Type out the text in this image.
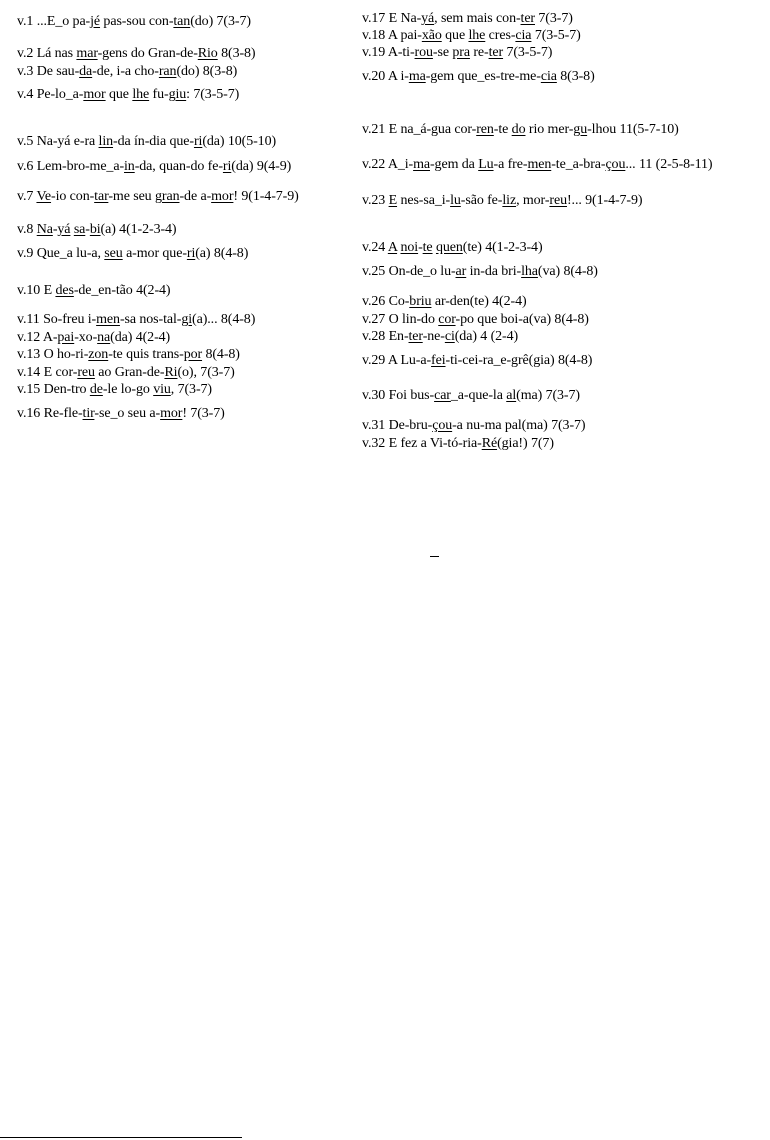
v.1 ...E_o pa-jé pas-sou con-tan(do) 7(3-7)
v.2 Lá nas mar-gens do Gran-de-Rio 8(3-8)
v.3 De sau-da-de, i-a cho-ran(do) 8(3-8)
v.4 Pe-lo_a-mor que lhe fu-giu: 7(3-5-7)
v.5 Na-yá e-ra lin-da ín-dia que-ri(da) 10(5-10)
v.6 Lem-bro-me_a-in-da, quan-do fe-ri(da) 9(4-9)
v.7 Ve-io con-tar-me seu gran-de a-mor! 9(1-4-7-9)
v.8 Na-yá sa-bi(a) 4(1-2-3-4)
v.9 Que_a lu-a, seu a-mor que-ri(a) 8(4-8)
v.10 E des-de_en-tão 4(2-4)
v.11 So-freu i-men-sa nos-tal-gi(a)... 8(4-8)
v.12 A-pai-xo-na(da) 4(2-4)
v.13 O ho-ri-zon-te quis trans-por 8(4-8)
v.14 E cor-reu ao Gran-de-Ri(o), 7(3-7)
v.15 Den-tro de-le lo-go viu, 7(3-7)
v.16 Re-fle-tir-se_o seu a-mor! 7(3-7)
v.17 E Na-yá, sem mais con-ter 7(3-7)
v.18 A pai-xão que lhe cres-cia 7(3-5-7)
v.19 A-ti-rou-se pra re-ter 7(3-5-7)
v.20 A i-ma-gem que_es-tre-me-cia 8(3-8)
v.21 E na_á-gua cor-ren-te do rio mer-gu-lhou 11(5-7-10)
v.22 A_i-ma-gem da Lu-a fre-men-te_a-bra-çou... 11 (2-5-8-11)
v.23 E nes-sa_i-lu-são fe-liz, mor-reu!... 9(1-4-7-9)
v.24 A noi-te quen(te) 4(1-2-3-4)
v.25 On-de_o lu-ar in-da bri-lha(va) 8(4-8)
v.26 Co-briu ar-den(te) 4(2-4)
v.27 O lin-do cor-po que boi-a(va) 8(4-8)
v.28 En-ter-ne-ci(da) 4 (2-4)
v.29 A Lu-a-fei-ti-cei-ra_e-grê(gia) 8(4-8)
v.30 Foi bus-car_a-que-la al(ma) 7(3-7)
v.31 De-bru-çou-a nu-ma pal(ma) 7(3-7)
v.32 E fez a Vi-tó-ria-Ré(gia!) 7(7)
